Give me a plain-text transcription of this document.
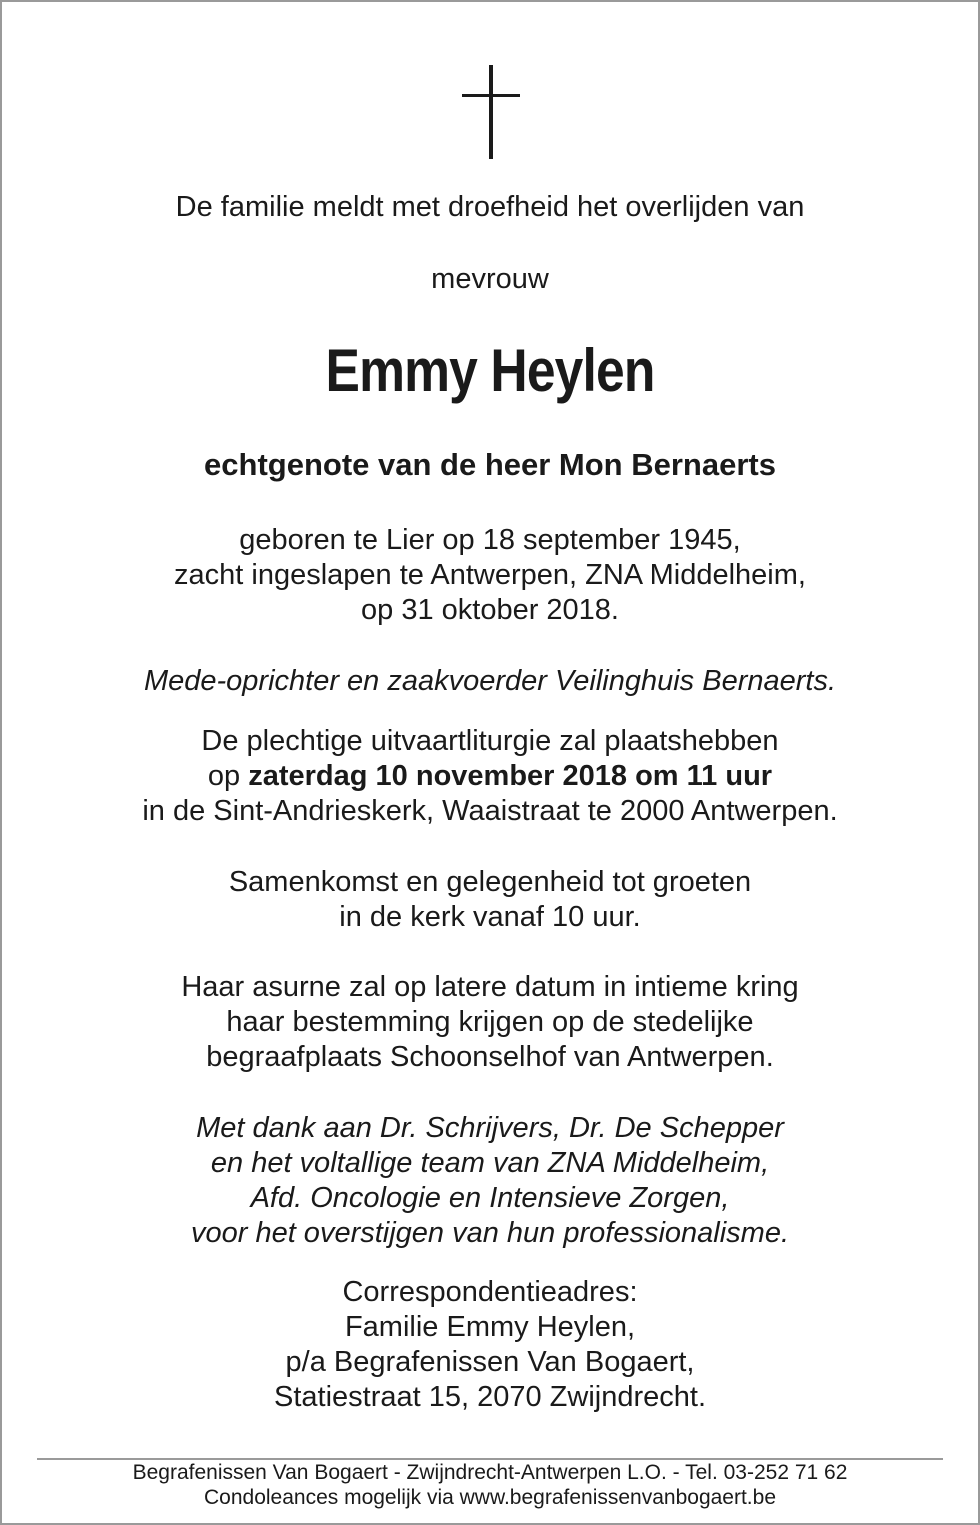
De familie meldt met droefheid het overlijden van
mevrouw
Emmy Heylen
echtgenote van de heer Mon Bernaerts
geboren te Lier op 18 september 1945,
zacht ingeslapen te Antwerpen, ZNA Middelheim,
op 31 oktober 2018.
Mede-oprichter en zaakvoerder Veilinghuis Bernaerts.
De plechtige uitvaartliturgie zal plaatshebben
op zaterdag 10 november 2018 om 11 uur
in de Sint-Andrieskerk, Waaistraat te 2000 Antwerpen.
Samenkomst en gelegenheid tot groeten
in de kerk vanaf 10 uur.
Haar asurne zal op latere datum in intieme kring
haar bestemming krijgen op de stedelijke
begraafplaats Schoonselhof van Antwerpen.
Met dank aan Dr. Schrijvers, Dr. De Schepper
en het voltallige team van ZNA Middelheim,
Afd. Oncologie en Intensieve Zorgen,
voor het overstijgen van hun professionalisme.
Correspondentieadres:
Familie Emmy Heylen,
p/a Begrafenissen Van Bogaert,
Statiestraat 15, 2070 Zwijndrecht.
Begrafenissen Van Bogaert - Zwijndrecht-Antwerpen L.O. - Tel. 03-252 71 62
Condoleances mogelijk via www.begrafenissenvanbogaert.be
